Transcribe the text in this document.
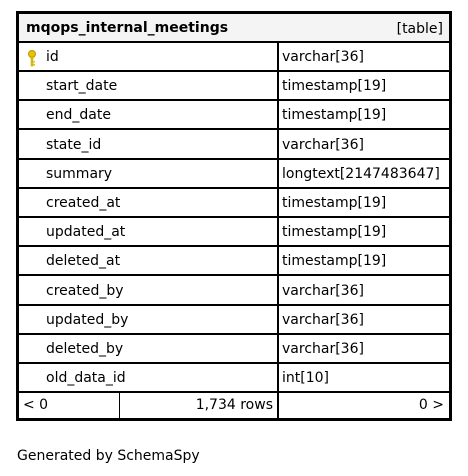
mqops_internal_meetings	[table]
id	varchar[36]
start_date	timestamp[19]
end_date	timestamp[19]
state_id	varchar[36]
summary	longtext[2147483647]
created_at	timestamp[19]
updated_at	timestamp[19]
deleted_at	timestamp[19]
created_by	varchar[36]
updated_by	varchar[36]
deleted_by	varchar[36]
old_data_id	int[10]
< 0	1,734 rows	0 >
Generated by SchemaSpy
